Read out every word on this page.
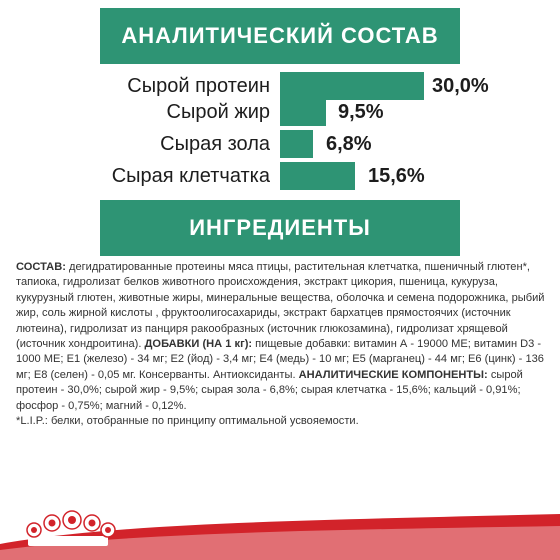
АНАЛИТИЧЕСКИЙ СОСТАВ
Сырой протеин	30,0%
Сырой жир	9,5%
Сырая зола	6,8%
Сырая клетчатка	15,6%
ИНГРЕДИЕНТЫ

СОСТАВ: дегидратированные протеины мяса птицы, растительная клетчатка, пшеничный глютен*, тапиока, гидролизат белков животного происхождения, экстракт цикория, пшеница, кукуруза, кукурузный глютен, животные жиры, минеральные вещества, оболочка и семена подорожника, рыбий жир, соль жирной кислоты , фруктоолигосахариды, экстракт бархатцев прямостоячих (источник лютеина), гидролизат из панциря ракообразных (источник глюкозамина), гидролизат хрящевой (источник хондроитина). ДОБАВКИ (НА 1 кг): пищевые добавки: витамин А - 19000 МЕ; витамин D3 - 1000 МЕ; Е1 (железо) - 34 мг; Е2 (йод) - 3,4 мг; Е4 (медь) - 10 мг; Е5 (марганец) - 44 мг; Е6 (цинк) - 136 мг; Е8 (селен) - 0,05 мг. Консерванты. Антиоксиданты. АНАЛИТИЧЕСКИЕ КОМПОНЕНТЫ: сырой протеин - 30,0%; сырой жир - 9,5%; сырая зола - 6,8%; сырая клетчатка - 15,6%; кальций - 0,91%; фосфор - 0,75%; магний - 0,12%.

*L.I.P.: белки, отобранные по принципу оптимальной усвояемости.
